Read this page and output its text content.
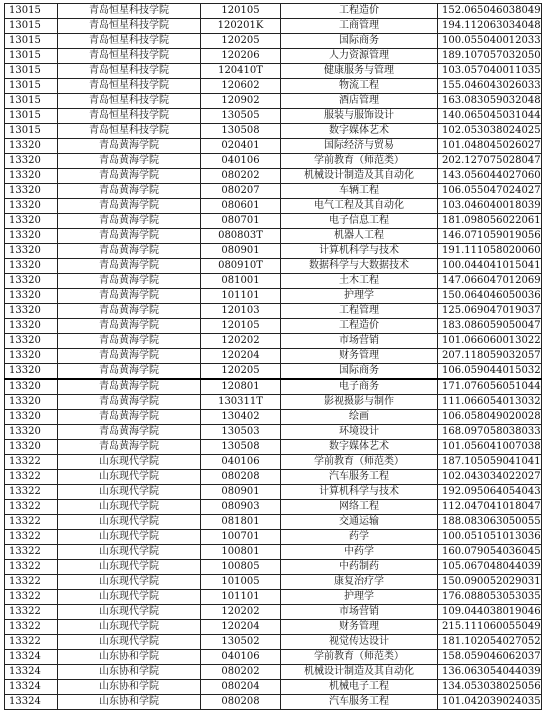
13015	青岛恒星科技学院	120105	工程造价	152.065046038049
13015	青岛恒星科技学院	120201K	工商管理	194.112063034048
13015	青岛恒星科技学院	120205	国际商务	100.055040012033
13015	青岛恒星科技学院	120206	人力资源管理	189.107057032050
13015	青岛恒星科技学院	120410T	健康服务与管理	103.057040011035
13015	青岛恒星科技学院	120602	物流工程	155.046043026033
13015	青岛恒星科技学院	120902	酒店管理	163.083059032048
13015	青岛恒星科技学院	130505	服装与服饰设计	140.065045031044
13015	青岛恒星科技学院	130508	数字媒体艺术	102.053038024025
13320	青岛黄海学院	020401	国际经济与贸易	101.048045026027
13320	青岛黄海学院	040106	学前教育（师范类）	202.127075028047
13320	青岛黄海学院	080202	机械设计制造及其自动化	143.056044027060
13320	青岛黄海学院	080207	车辆工程	106.055047024027
13320	青岛黄海学院	080601	电气工程及其自动化	103.046040018039
13320	青岛黄海学院	080701	电子信息工程	181.098056022061
13320	青岛黄海学院	080803T	机器人工程	146.071059019056
13320	青岛黄海学院	080901	计算机科学与技术	191.111058020060
13320	青岛黄海学院	080910T	数据科学与大数据技术	100.044041015041
13320	青岛黄海学院	081001	土木工程	147.066047012069
13320	青岛黄海学院	101101	护理学	150.064046050036
13320	青岛黄海学院	120103	工程管理	125.069047019037
13320	青岛黄海学院	120105	工程造价	183.086059050047
13320	青岛黄海学院	120202	市场营销	101.066060013022
13320	青岛黄海学院	120204	财务管理	207.118059032057
13320	青岛黄海学院	120205	国际商务	106.059044015032
13320	青岛黄海学院	120801	电子商务	171.076056051044
13320	青岛黄海学院	130311T	影视摄影与制作	111.066054013032
13320	青岛黄海学院	130402	绘画	106.058049020028
13320	青岛黄海学院	130503	环境设计	168.097058038033
13320	青岛黄海学院	130508	数字媒体艺术	101.056041007038
13322	山东现代学院	040106	学前教育（师范类）	187.105059041041
13322	山东现代学院	080208	汽车服务工程	102.043034022027
13322	山东现代学院	080901	计算机科学与技术	192.095064054043
13322	山东现代学院	080903	网络工程	112.047041018047
13322	山东现代学院	081801	交通运输	188.083063050055
13322	山东现代学院	100701	药学	100.051051013036
13322	山东现代学院	100801	中药学	160.079054036045
13322	山东现代学院	100805	中药制药	105.067048044039
13322	山东现代学院	101005	康复治疗学	150.090052029031
13322	山东现代学院	101101	护理学	176.088053053035
13322	山东现代学院	120202	市场营销	109.044038019046
13322	山东现代学院	120204	财务管理	215.111060055049
13322	山东现代学院	130502	视觉传达设计	181.102054027052
13324	山东协和学院	040106	学前教育（师范类）	158.059046062037
13324	山东协和学院	080202	机械设计制造及其自动化	136.063054044039
13324	山东协和学院	080204	机械电子工程	134.053038025056
13324	山东协和学院	080208	汽车服务工程	101.042039024035
